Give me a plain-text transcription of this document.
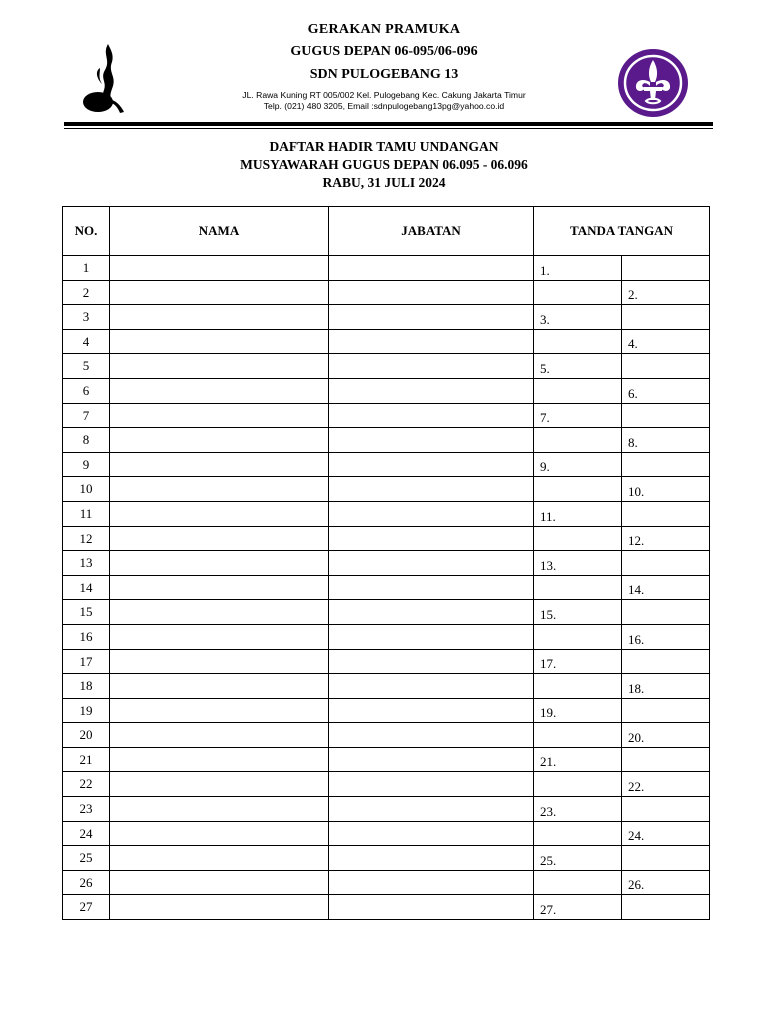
GERAKAN PRAMUKA
GUGUS DEPAN 06-095/06-096
SDN PULOGEBANG 13
JL. Rawa Kuning RT 005/002 Kel. Pulogebang Kec. Cakung Jakarta Timur
Telp. (021) 480 3205, Email :sdnpulogebang13pg@yahoo.co.id
DAFTAR HADIR TAMU UNDANGAN
MUSYAWARAH GUGUS DEPAN 06.095 - 06.096
RABU, 31 JULI 2024
NO.	NAMA	JABATAN	TANDA TANGAN	

1			1.	

2				2.

3			3.	

4				4.

5			5.	

6				6.

7			7.	

8				8.

9			9.	

10				10.

11			11.	

12				12.

13			13.	

14				14.

15			15.	

16				16.

17			17.	

18				18.

19			19.	

20				20.

21			21.	

22				22.

23			23.	

24				24.

25			25.	

26				26.

27			27.	
